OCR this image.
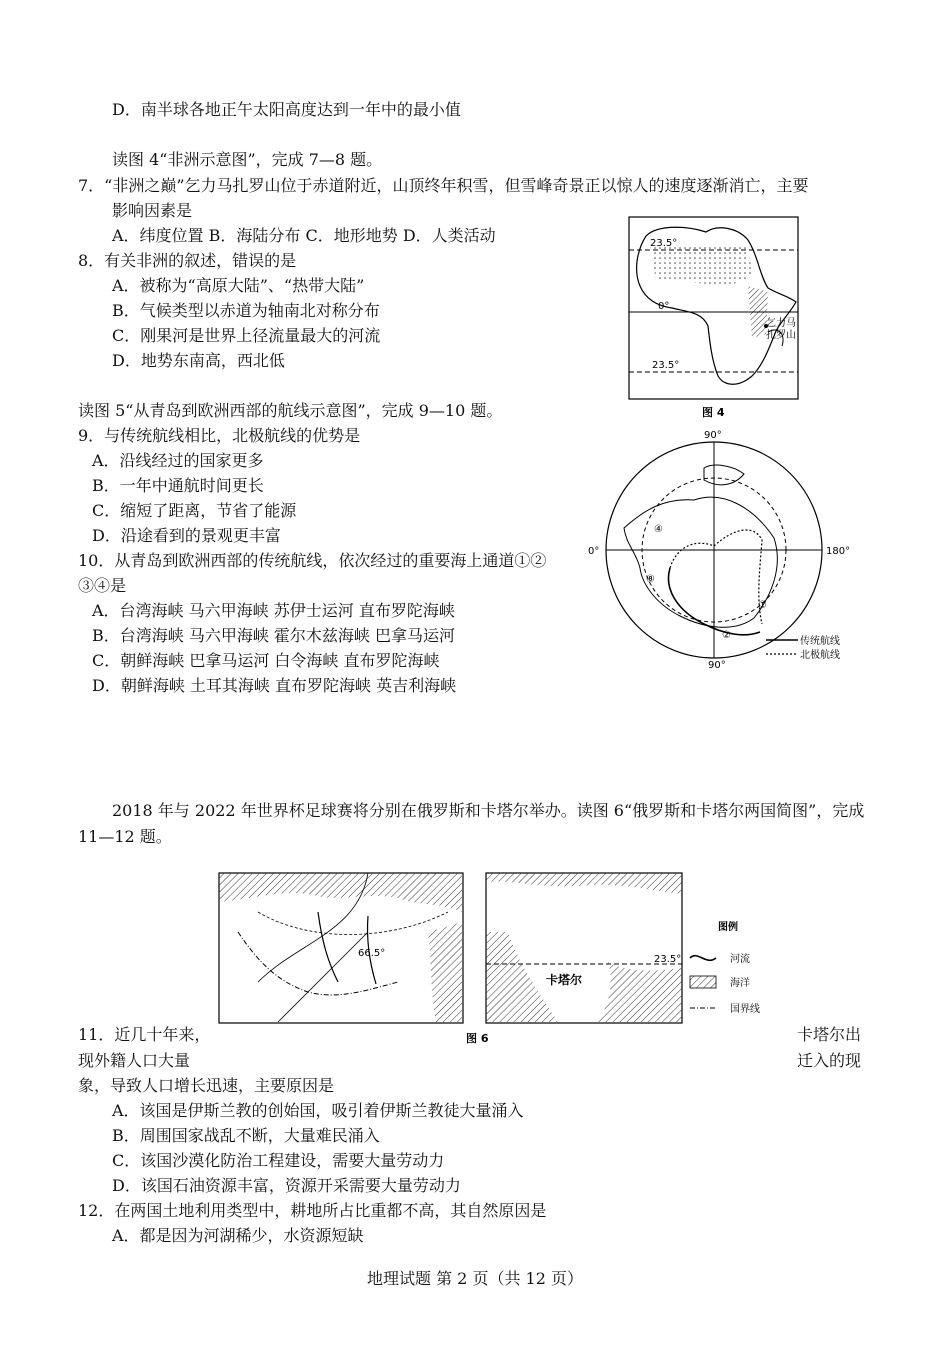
D．南半球各地正午太阳高度达到一年中的最小值
读图 4“非洲示意图”，完成 7—8 题。
7．“非洲之巅”乞力马扎罗山位于赤道附近，山顶终年积雪，但雪峰奇景正以惊人的速度逐渐消亡，主要
影响因素是
A．纬度位置 B．海陆分布 C．地形地势 D．人类活动
8．有关非洲的叙述，错误的是
A．被称为“高原大陆”、“热带大陆”
B．气候类型以赤道为轴南北对称分布
C．刚果河是世界上径流量最大的河流
D．地势东南高，西北低
读图 5“从青岛到欧洲西部的航线示意图”，完成 9—10 题。
9．与传统航线相比，北极航线的优势是
A．沿线经过的国家更多
B．一年中通航时间更长
C．缩短了距离，节省了能源
D．沿途看到的景观更丰富
10．从青岛到欧洲西部的传统航线，依次经过的重要海上通道①②
③④是
A．台湾海峡 马六甲海峡 苏伊士运河 直布罗陀海峡
B．台湾海峡 马六甲海峡 霍尔木兹海峡 巴拿马运河
C．朝鲜海峡 巴拿马运河 白令海峡 直布罗陀海峡
D．朝鲜海峡 土耳其海峡 直布罗陀海峡 英吉利海峡
2018 年与 2022 年世界杯足球赛将分别在俄罗斯和卡塔尔举办。读图 6“俄罗斯和卡塔尔两国简图”，完成
11—12 题。
11．近几十年来，	卡塔尔出
现外籍人口大量	迁入的现
象，导致人口增长迅速，主要原因是
A．该国是伊斯兰教的创始国，吸引着伊斯兰教徒大量涌入
B．周围国家战乱不断，大量难民涌入
C．该国沙漠化防治工程建设，需要大量劳动力
D．该国石油资源丰富，资源开采需要大量劳动力
12．在两国土地利用类型中，耕地所占比重都不高，其自然原因是
A．都是因为河湖稀少，水资源短缺
地理试题 第 2 页（共 12 页）
23.5°
0°
23.5°
乞力马
扎罗山
图 4
90°
90°
0°	180°
①
②
④
⑧
传统航线
北极航线
66.5°
23.5°
卡塔尔
图例
河流
海洋
国界线
图 6
